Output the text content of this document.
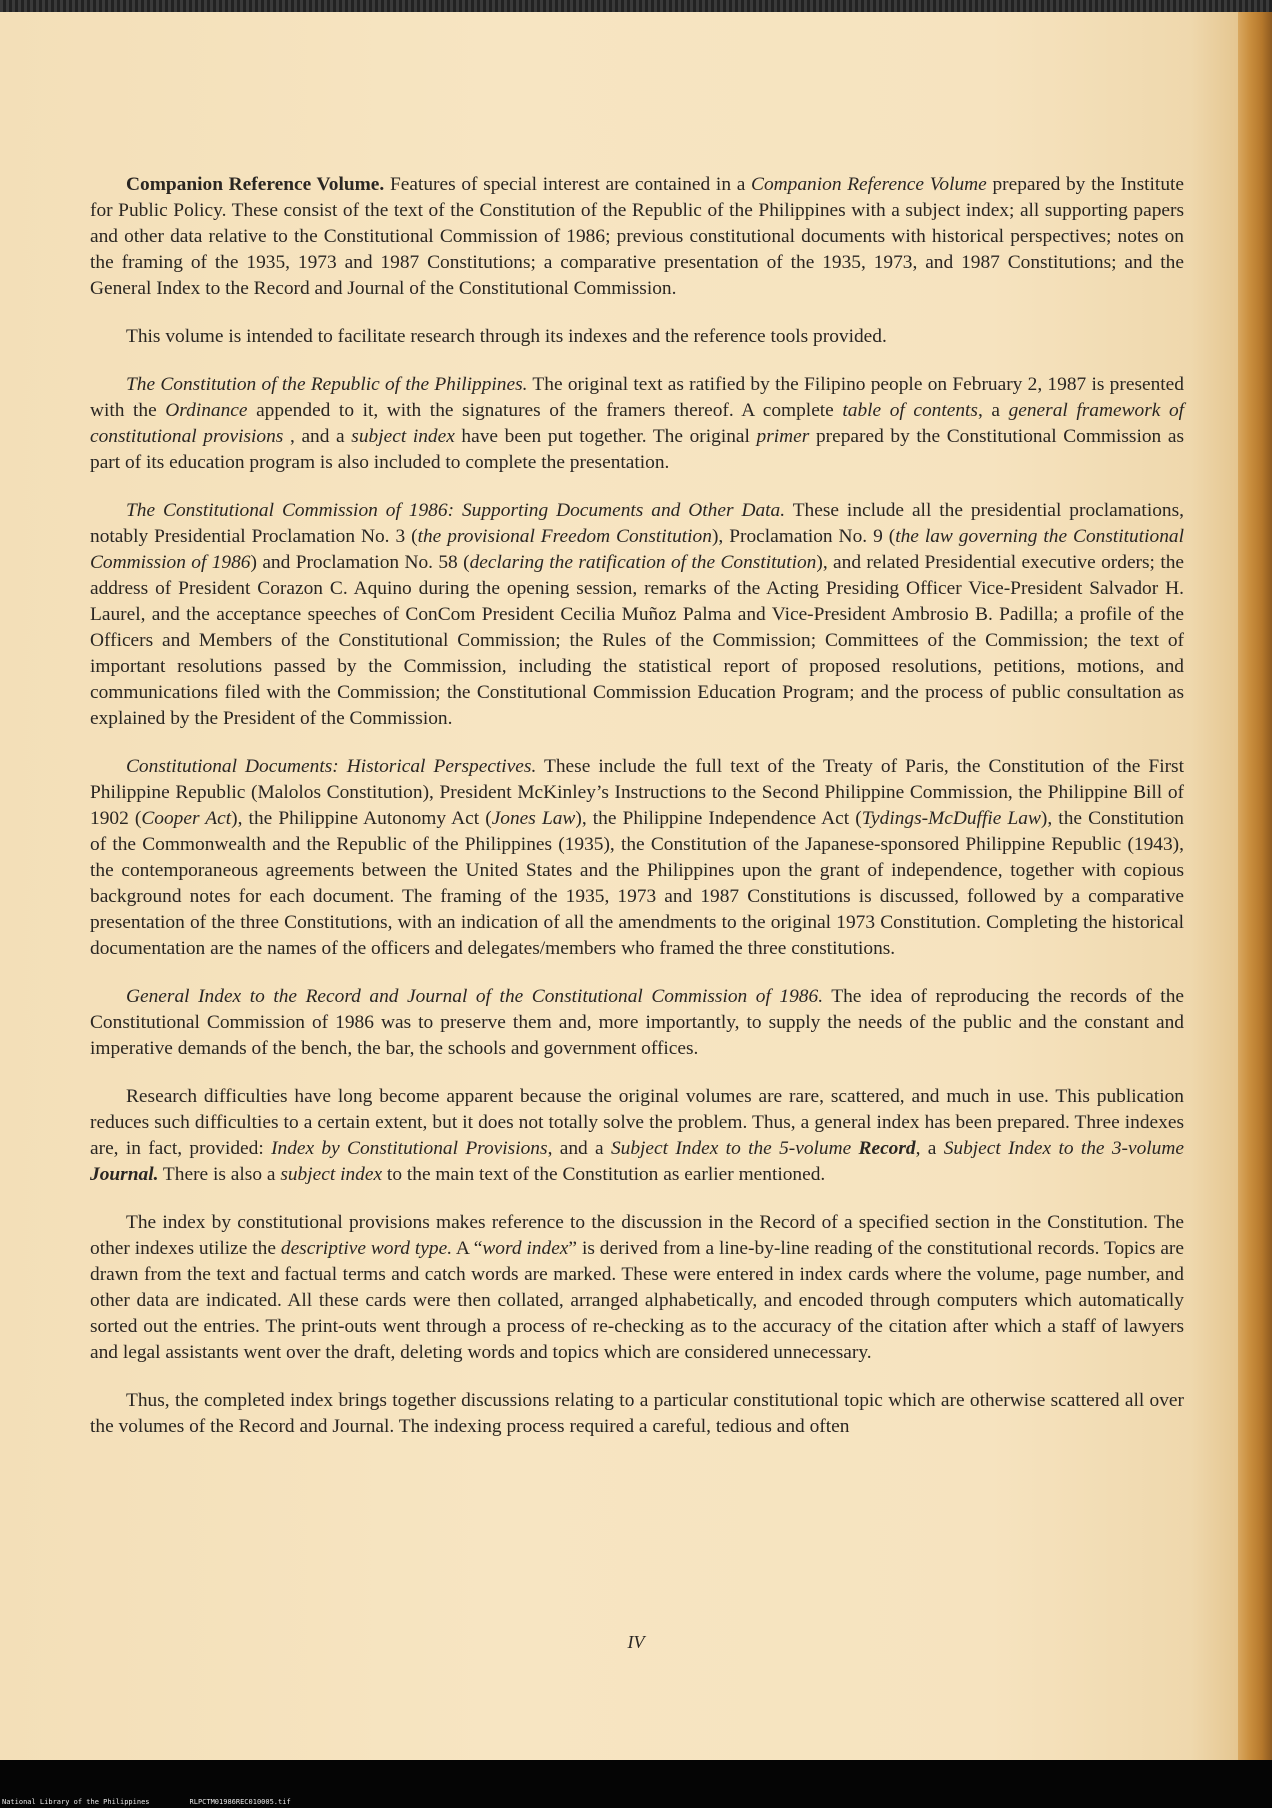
Companion Reference Volume. Features of special interest are contained in a Companion Reference Volume prepared by the Institute for Public Policy. These consist of the text of the Constitution of the Republic of the Philippines with a subject index; all supporting papers and other data relative to the Constitutional Commission of 1986; previous constitutional documents with historical perspectives; notes on the framing of the 1935, 1973 and 1987 Constitutions; a comparative presentation of the 1935, 1973, and 1987 Constitutions; and the General Index to the Record and Journal of the Constitutional Commission.

This volume is intended to facilitate research through its indexes and the reference tools provided.

The Constitution of the Republic of the Philippines. The original text as ratified by the Filipino people on February 2, 1987 is presented with the Ordinance appended to it, with the signatures of the framers thereof. A complete table of contents, a general framework of constitutional provisions , and a subject index have been put together. The original primer prepared by the Constitutional Commission as part of its education program is also included to complete the presentation.

The Constitutional Commission of 1986: Supporting Documents and Other Data. These include all the presidential proclamations, notably Presidential Proclamation No. 3 (the provisional Freedom Constitution), Proclamation No. 9 (the law governing the Constitutional Commission of 1986) and Proclamation No. 58 (declaring the ratification of the Constitution), and related Presidential executive orders; the address of President Corazon C. Aquino during the opening session, remarks of the Acting Presiding Officer Vice-President Salvador H. Laurel, and the acceptance speeches of ConCom President Cecilia Muñoz Palma and Vice-President Ambrosio B. Padilla; a profile of the Officers and Members of the Constitutional Commission; the Rules of the Commission; Committees of the Commission; the text of important resolutions passed by the Commission, including the statistical report of proposed resolutions, petitions, motions, and communications filed with the Commission; the Constitutional Commission Education Program; and the process of public consultation as explained by the President of the Commission.

Constitutional Documents: Historical Perspectives. These include the full text of the Treaty of Paris, the Constitution of the First Philippine Republic (Malolos Constitution), President McKinley’s Instructions to the Second Philippine Commission, the Philippine Bill of 1902 (Cooper Act), the Philippine Autonomy Act (Jones Law), the Philippine Independence Act (Tydings-McDuffie Law), the Constitution of the Commonwealth and the Republic of the Philippines (1935), the Constitution of the Japanese-sponsored Philippine Republic (1943), the contemporaneous agreements between the United States and the Philippines upon the grant of independence, together with copious background notes for each document. The framing of the 1935, 1973 and 1987 Constitutions is discussed, followed by a comparative presentation of the three Constitutions, with an indication of all the amendments to the original 1973 Constitution. Completing the historical documentation are the names of the officers and delegates/members who framed the three constitutions.

General Index to the Record and Journal of the Constitutional Commission of 1986. The idea of reproducing the records of the Constitutional Commission of 1986 was to preserve them and, more importantly, to supply the needs of the public and the constant and imperative demands of the bench, the bar, the schools and government offices.

Research difficulties have long become apparent because the original volumes are rare, scattered, and much in use. This publication reduces such difficulties to a certain extent, but it does not totally solve the problem. Thus, a general index has been prepared. Three indexes are, in fact, provided: Index by Constitutional Provisions, and a Subject Index to the 5-volume Record, a Subject Index to the 3-volume Journal. There is also a subject index to the main text of the Constitution as earlier mentioned.

The index by constitutional provisions makes reference to the discussion in the Record of a specified section in the Constitution. The other indexes utilize the descriptive word type. A “word index” is derived from a line-by-line reading of the constitutional records. Topics are drawn from the text and factual terms and catch words are marked. These were entered in index cards where the volume, page number, and other data are indicated. All these cards were then collated, arranged alphabetically, and encoded through computers which automatically sorted out the entries. The print-outs went through a process of re-checking as to the accuracy of the citation after which a staff of lawyers and legal assistants went over the draft, deleting words and topics which are considered unnecessary.

Thus, the completed index brings together discussions relating to a particular constitutional topic which are otherwise scattered all over the volumes of the Record and Journal. The indexing process required a careful, tedious and often

IV
National Library of the Philippines	RLPCTM01986REC010005.tif
